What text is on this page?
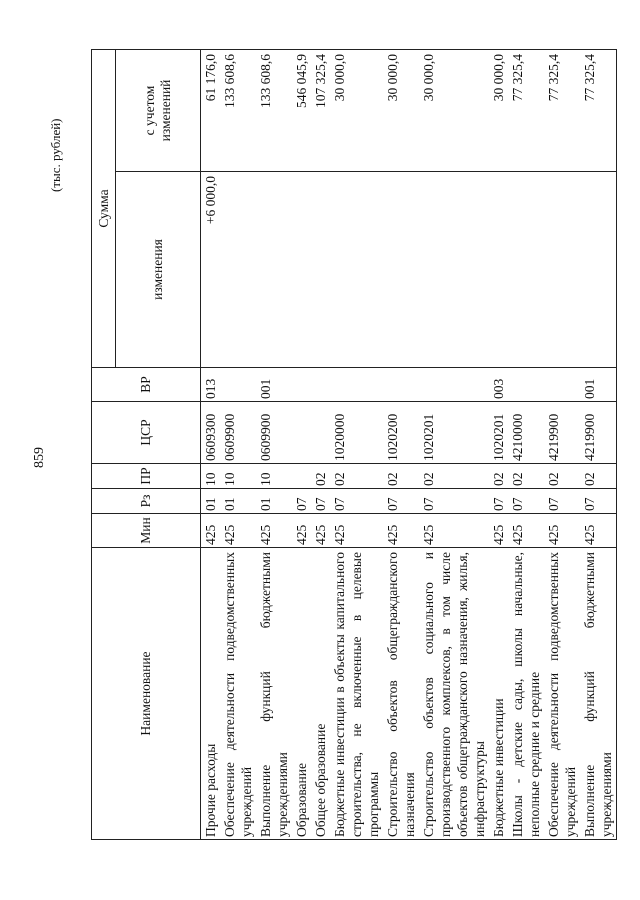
859
(тыс. рублей)
Наименование	Мин	Рз	ПР	ЦСР	ВР	Сумма	
						изменения	с учетом изменений
Прочие расходы	425	01	10	0609300	013	+6 000,0	61 176,0
Обеспечение деятельности подведомственных учреждений	425	01	10	0609900			133 608,6
Выполнение функций бюджетными учреждениями	425	01	10	0609900	001		133 608,6
Образование	425	07					546 045,9
Общее образование	425	07	02				107 325,4
Бюджетные инвестиции в объекты капитального строительства, не включенные в целевые программы	425	07	02	1020000			30 000,0
Строительство объектов общегражданского назначения	425	07	02	1020200			30 000,0
Строительство объектов социального и производственного комплексов, в том числе объектов общегражданского назначения, жилья, инфраструктуры	425	07	02	1020201			30 000,0
Бюджетные инвестиции	425	07	02	1020201	003		30 000,0
Школы - детские сады, школы начальные, неполные средние и средние	425	07	02	4210000			77 325,4
Обеспечение деятельности подведомственных учреждений	425	07	02	4219900			77 325,4
Выполнение функций бюджетными учреждениями	425	07	02	4219900	001		77 325,4
